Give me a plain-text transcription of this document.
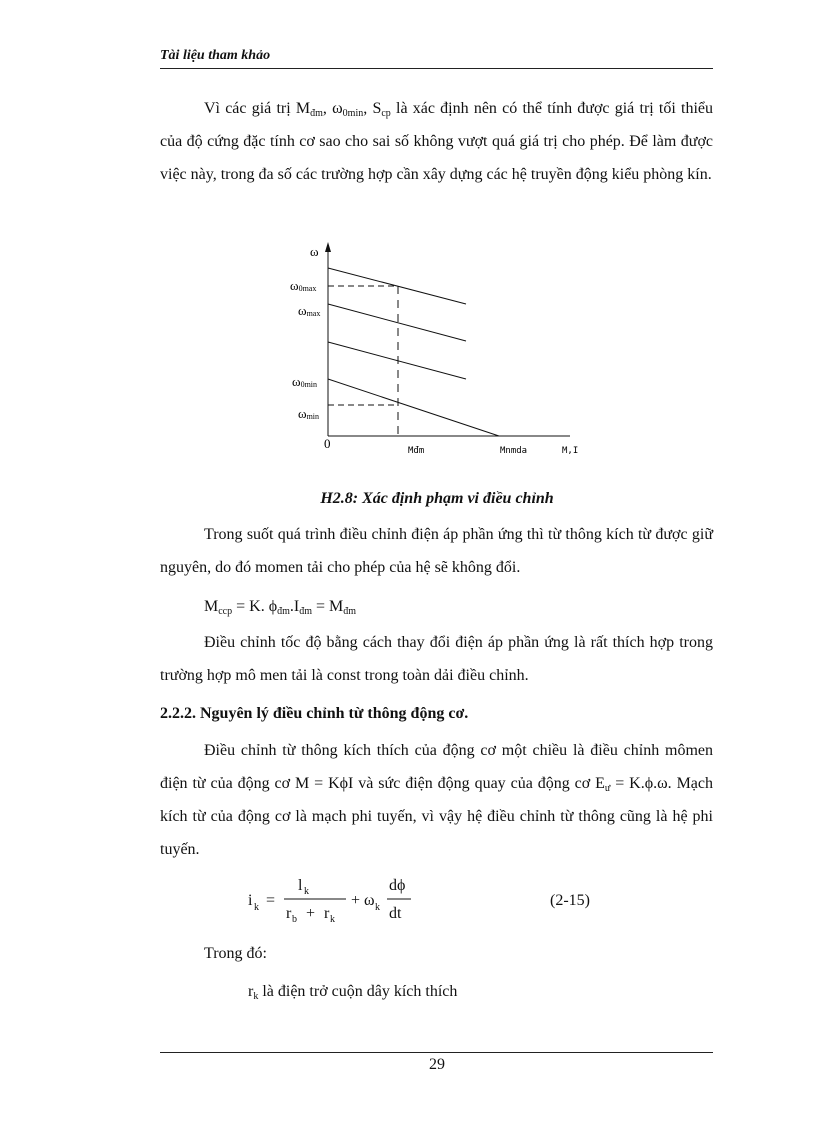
Tài liệu tham khảo
Vì các giá trị $M_{đm}$, $\omega_{0min}$, $S_{cp}$ là xác định nên có thể tính được giá trị tối thiểu của độ cứng đặc tính cơ sao cho sai số không vượt quá giá trị cho phép. Để làm được việc này, trong đa số các trường hợp cần xây dựng các hệ truyền động kiểu phòng kín.
ω
ω0max
ωmax
ω0min
ωmin
0	Mđm	Mnmda	M,I
H2.8: Xác định phạm vi điều chỉnh
Trong suốt quá trình điều chỉnh điện áp phần ứng thì từ thông kích từ được giữ nguyên, do đó momen tải cho phép của hệ sẽ không đổi.
$M_{ccp} = K$. $\phi_{đm}.I_{đm} = M_{đm}$
Điều chỉnh tốc độ bằng cách thay đổi điện áp phần ứng là rất thích hợp trong trường hợp mô men tải là const trong toàn dải điều chỉnh.
2.2.2. Nguyên lý điều chỉnh từ thông động cơ.
Điều chỉnh từ thông kích thích của động cơ một chiều là điều chỉnh mômen điện từ của động cơ M = KϕI và sức điện động quay của động cơ $E_ư = K.\phi.\omega$. Mạch kích từ của động cơ là mạch phi tuyến, vì vậy hệ điều chỉnh từ thông cũng là hệ phi tuyến.
i k =
l k
r b + r k
+ ω k
dϕ
dt
(2-15)
Trong đó:
$r_k$ là điện trở cuộn dây kích thích
29
